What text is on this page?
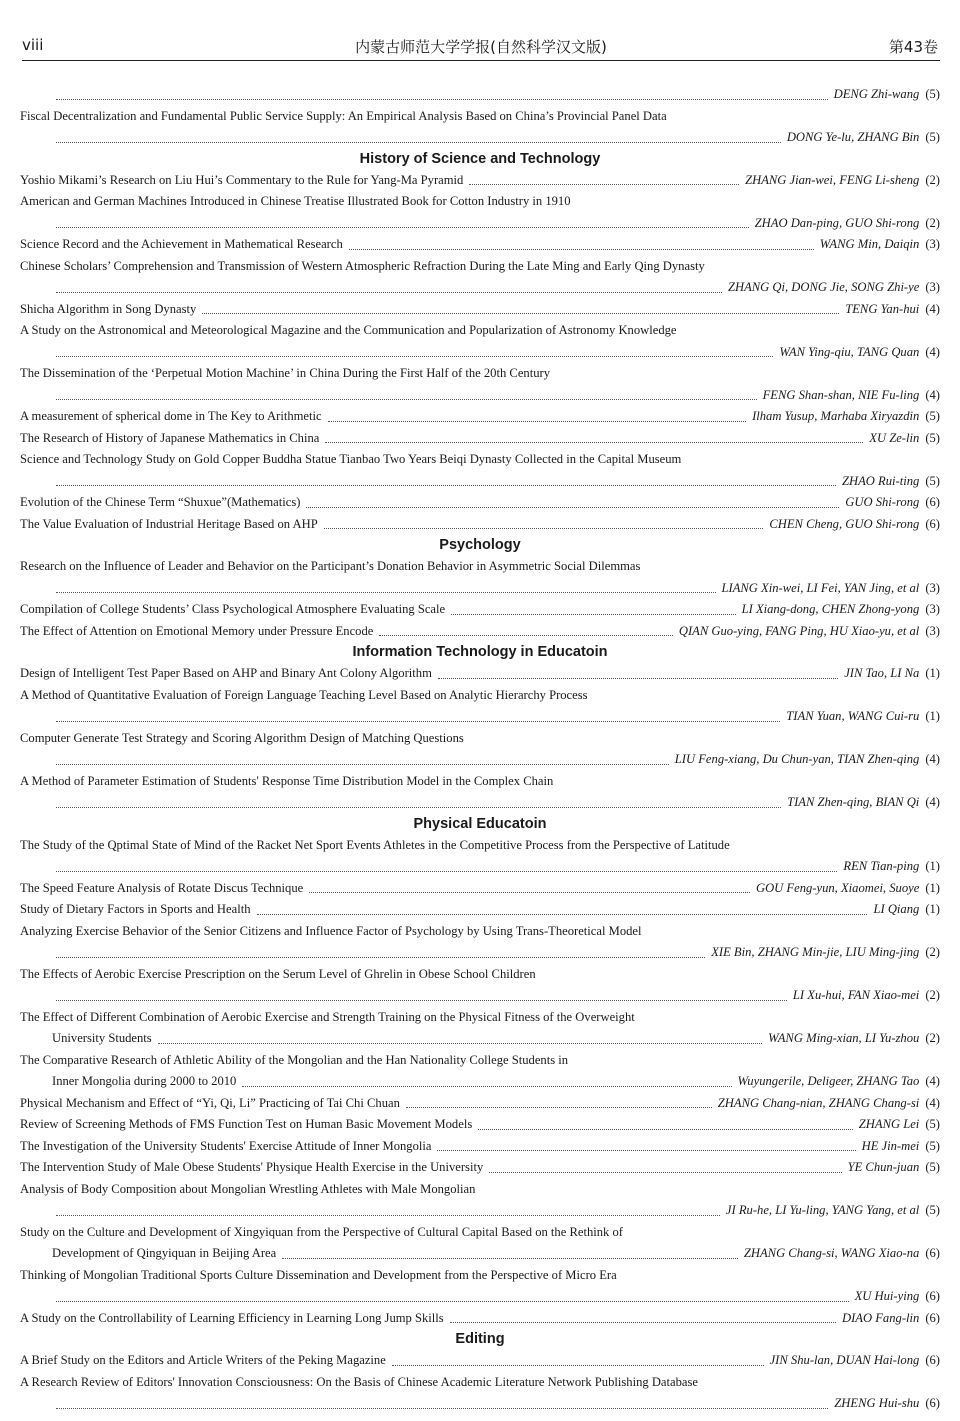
viii	内蒙古师范大学学报(自然科学汉文版)	第43卷
DENG Zhi-wang (5)
Fiscal Decentralization and Fundamental Public Service Supply: An Empirical Analysis Based on China’s Provincial Panel Data
DONG Ye-lu, ZHANG Bin (5)
History of Science and Technology
Yoshio Mikami’s Research on Liu Hui’s Commentary to the Rule for Yang-Ma Pyramid	ZHANG Jian-wei, FENG Li-sheng (2)
American and German Machines Introduced in Chinese Treatise Illustrated Book for Cotton Industry in 1910
ZHAO Dan-ping, GUO Shi-rong (2)
Science Record and the Achievement in Mathematical Research	WANG Min, Daiqin (3)
Chinese Scholars’ Comprehension and Transmission of Western Atmospheric Refraction During the Late Ming and Early Qing Dynasty
ZHANG Qi, DONG Jie, SONG Zhi-ye (3)
Shicha Algorithm in Song Dynasty	TENG Yan-hui (4)
A Study on the Astronomical and Meteorological Magazine and the Communication and Popularization of Astronomy Knowledge
WAN Ying-qiu, TANG Quan (4)
The Dissemination of the ‘Perpetual Motion Machine’ in China During the First Half of the 20th Century
FENG Shan-shan, NIE Fu-ling (4)
A measurement of spherical dome in The Key to Arithmetic	Ilham Yusup, Marhaba Xiryazdin (5)
The Research of History of Japanese Mathematics in China	XU Ze-lin (5)
Science and Technology Study on Gold Copper Buddha Statue Tianbao Two Years Beiqi Dynasty Collected in the Capital Museum
ZHAO Rui-ting (5)
Evolution of the Chinese Term “Shuxue”(Mathematics)	GUO Shi-rong (6)
The Value Evaluation of Industrial Heritage Based on AHP	CHEN Cheng, GUO Shi-rong (6)
Psychology
Research on the Influence of Leader and Behavior on the Participant’s Donation Behavior in Asymmetric Social Dilemmas
LIANG Xin-wei, LI Fei, YAN Jing, et al (3)
Compilation of College Students’ Class Psychological Atmosphere Evaluating Scale	LI Xiang-dong, CHEN Zhong-yong (3)
The Effect of Attention on Emotional Memory under Pressure Encode	QIAN Guo-ying, FANG Ping, HU Xiao-yu, et al (3)
Information Technology in Educatoin
Design of Intelligent Test Paper Based on AHP and Binary Ant Colony Algorithm	JIN Tao, LI Na (1)
A Method of Quantitative Evaluation of Foreign Language Teaching Level Based on Analytic Hierarchy Process
TIAN Yuan, WANG Cui-ru (1)
Computer Generate Test Strategy and Scoring Algorithm Design of Matching Questions
LIU Feng-xiang, Du Chun-yan, TIAN Zhen-qing (4)
A Method of Parameter Estimation of Students' Response Time Distribution Model in the Complex Chain
TIAN Zhen-qing, BIAN Qi (4)
Physical Educatoin
The Study of the Qptimal State of Mind of the Racket Net Sport Events Athletes in the Competitive Process from the Perspective of Latitude
REN Tian-ping (1)
The Speed Feature Analysis of Rotate Discus Technique	GOU Feng-yun, Xiaomei, Suoye (1)
Study of Dietary Factors in Sports and Health	LI Qiang (1)
Analyzing Exercise Behavior of the Senior Citizens and Influence Factor of Psychology by Using Trans-Theoretical Model
XIE Bin, ZHANG Min-jie, LIU Ming-jing (2)
The Effects of Aerobic Exercise Prescription on the Serum Level of Ghrelin in Obese School Children
LI Xu-hui, FAN Xiao-mei (2)
The Effect of Different Combination of Aerobic Exercise and Strength Training on the Physical Fitness of the Overweight
University Students	WANG Ming-xian, LI Yu-zhou (2)
The Comparative Research of Athletic Ability of the Mongolian and the Han Nationality College Students in
Inner Mongolia during 2000 to 2010	Wuyungerile, Deligeer, ZHANG Tao (4)
Physical Mechanism and Effect of “Yi, Qi, Li” Practicing of Tai Chi Chuan	ZHANG Chang-nian, ZHANG Chang-si (4)
Review of Screening Methods of FMS Function Test on Human Basic Movement Models	ZHANG Lei (5)
The Investigation of the University Students' Exercise Attitude of Inner Mongolia	HE Jin-mei (5)
The Intervention Study of Male Obese Students' Physique Health Exercise in the University	YE Chun-juan (5)
Analysis of Body Composition about Mongolian Wrestling Athletes with Male Mongolian
JI Ru-he, LI Yu-ling, YANG Yang, et al (5)
Study on the Culture and Development of Xingyiquan from the Perspective of Cultural Capital Based on the Rethink of
Development of Qingyiquan in Beijing Area	ZHANG Chang-si, WANG Xiao-na (6)
Thinking of Mongolian Traditional Sports Culture Dissemination and Development from the Perspective of Micro Era
XU Hui-ying (6)
A Study on the Controllability of Learning Efficiency in Learning Long Jump Skills	DIAO Fang-lin (6)
Editing
A Brief Study on the Editors and Article Writers of the Peking Magazine	JIN Shu-lan, DUAN Hai-long (6)
A Research Review of Editors' Innovation Consciousness: On the Basis of Chinese Academic Literature Network Publishing Database
ZHENG Hui-shu (6)
